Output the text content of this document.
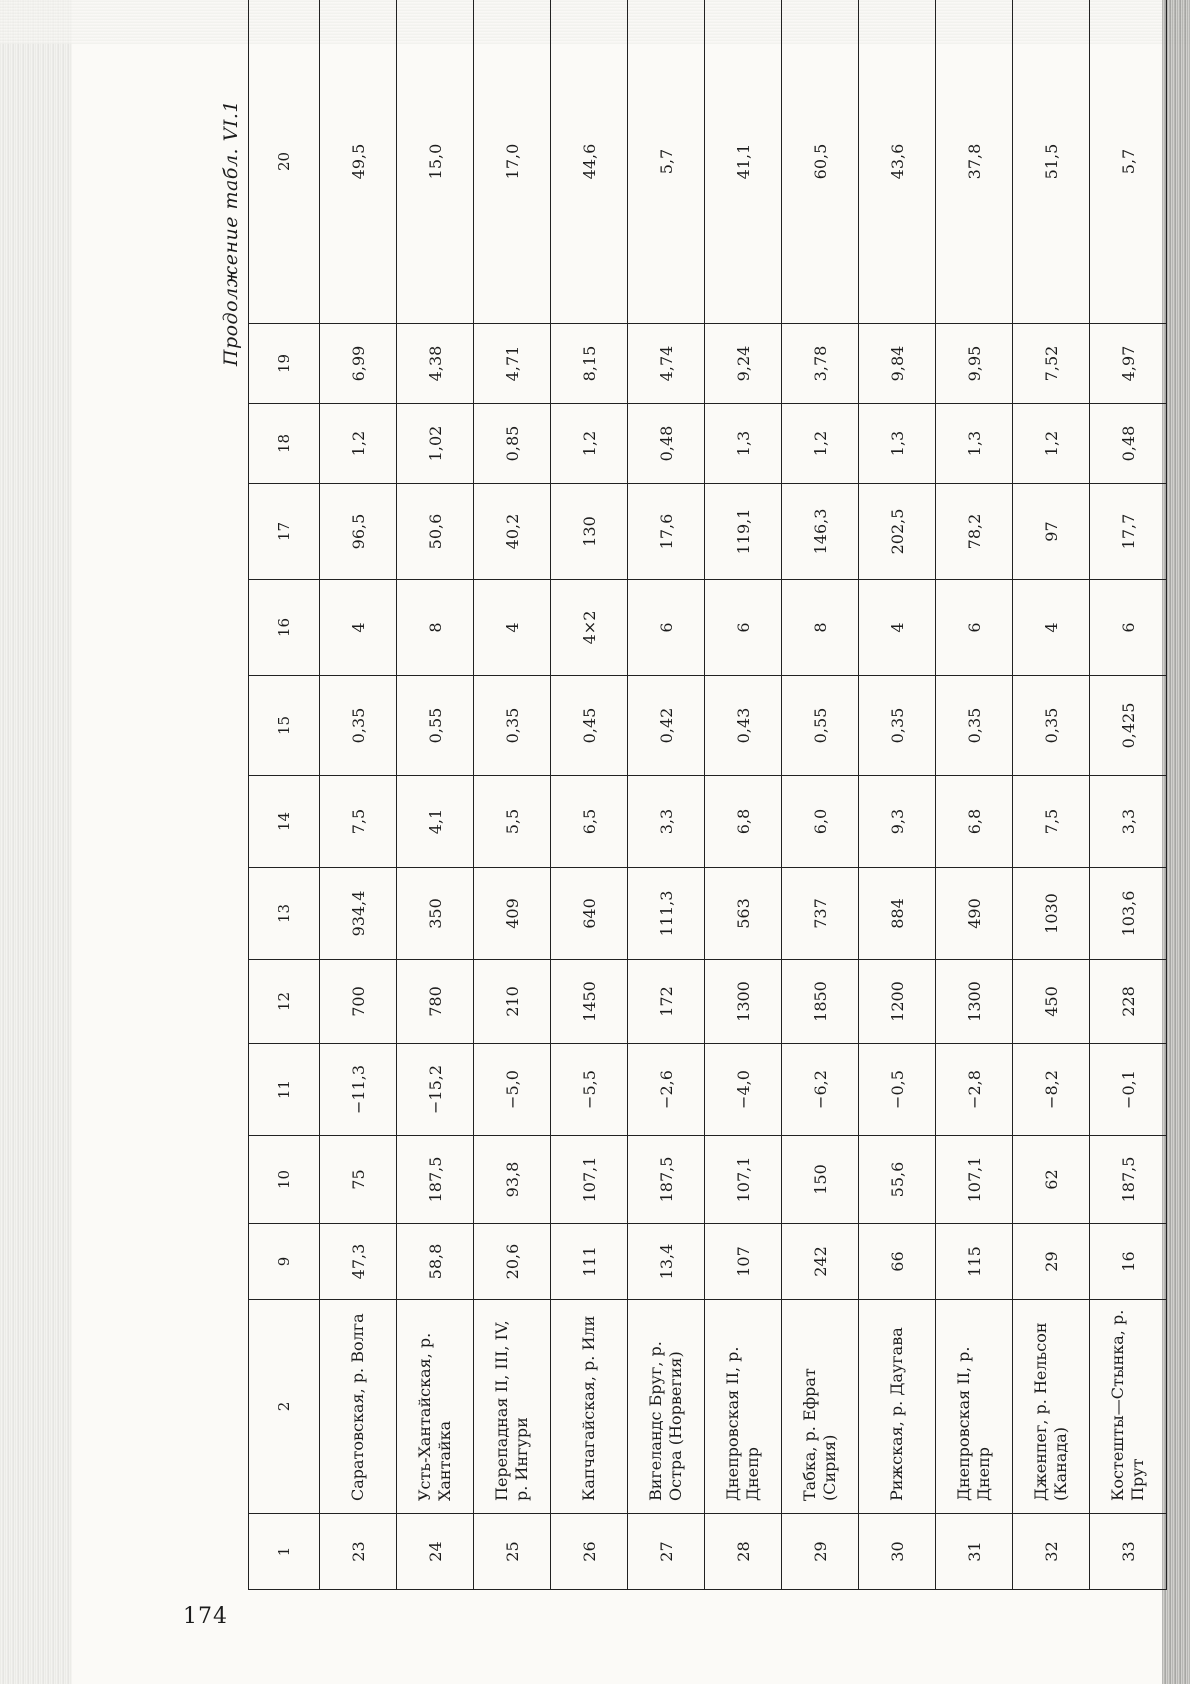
Продолжение табл. VI.1
1	2	9	10	11	12	13	14	15	16	17	18	19	20
23	Саратовская, р. Волга	47,3	75	−11,3	700	934,4	7,5	0,35	4	96,5	1,2	6,99	49,5
24	Усть-Хантайская, р. Хантайка	58,8	187,5	−15,2	780	350	4,1	0,55	8	50,6	1,02	4,38	15,0
25	Перепадная II, III, IV, р. Ингури	20,6	93,8	−5,0	210	409	5,5	0,35	4	40,2	0,85	4,71	17,0
26	Капчагайская, р. Или	111	107,1	−5,5	1450	640	6,5	0,45	4×2	130	1,2	8,15	44,6
27	Вигеландс Бруг, р. Остра (Норвегия)	13,4	187,5	−2,6	172	111,3	3,3	0,42	6	17,6	0,48	4,74	5,7
28	Днепровская II, р. Днепр	107	107,1	−4,0	1300	563	6,8	0,43	6	119,1	1,3	9,24	41,1
29	Табка, р. Ефрат (Сирия)	242	150	−6,2	1850	737	6,0	0,55	8	146,3	1,2	3,78	60,5
30	Рижская, р. Даугава	66	55,6	−0,5	1200	884	9,3	0,35	4	202,5	1,3	9,84	43,6
31	Днепровская II, р. Днепр	115	107,1	−2,8	1300	490	6,8	0,35	6	78,2	1,3	9,95	37,8
32	Дженпег, р. Нельсон (Канада)	29	62	−8,2	450	1030	7,5	0,35	4	97	1,2	7,52	51,5
33	Костешты—Стынка, р. Прут	16	187,5	−0,1	228	103,6	3,3	0,425	6	17,7	0,48	4,97	5,7
174
